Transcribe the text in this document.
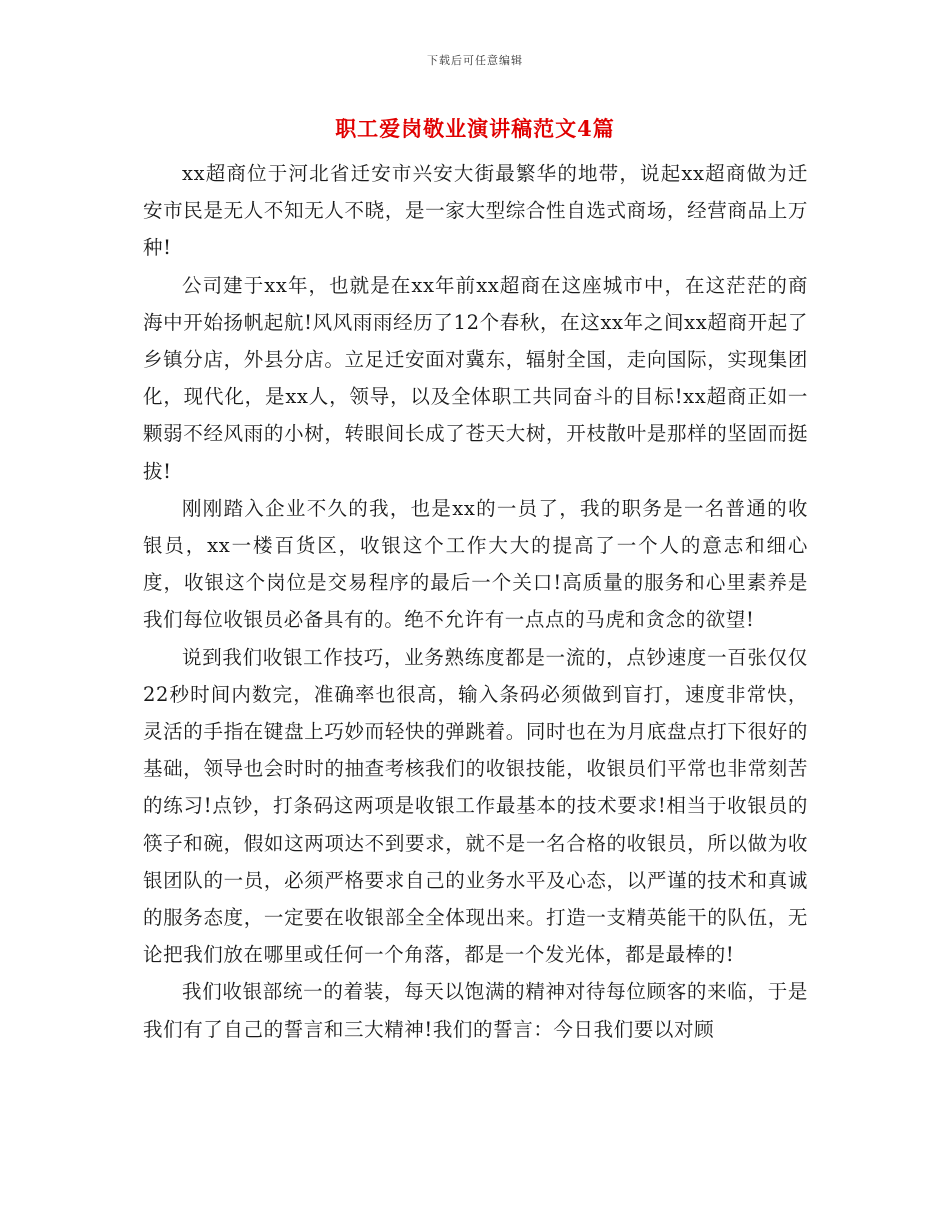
下载后可任意编辑
职工爱岗敬业演讲稿范文4篇

xx超商位于河北省迁安市兴安大街最繁华的地带，说起xx超商做为迁安市民是无人不知无人不晓，是一家大型综合性自选式商场，经营商品上万种!

公司建于xx年，也就是在xx年前xx超商在这座城市中，在这茫茫的商海中开始扬帆起航!风风雨雨经历了12个春秋，在这xx年之间xx超商开起了乡镇分店，外县分店。立足迁安面对冀东，辐射全国，走向国际，实现集团化，现代化，是xx人，领导，以及全体职工共同奋斗的目标!xx超商正如一颗弱不经风雨的小树，转眼间长成了苍天大树，开枝散叶是那样的坚固而挺拔!

刚刚踏入企业不久的我，也是xx的一员了，我的职务是一名普通的收银员，xx一楼百货区，收银这个工作大大的提高了一个人的意志和细心度，收银这个岗位是交易程序的最后一个关口!高质量的服务和心里素养是我们每位收银员必备具有的。绝不允许有一点点的马虎和贪念的欲望!

说到我们收银工作技巧，业务熟练度都是一流的，点钞速度一百张仅仅22秒时间内数完，准确率也很高，输入条码必须做到盲打，速度非常快，灵活的手指在键盘上巧妙而轻快的弹跳着。同时也在为月底盘点打下很好的基础，领导也会时时的抽查考核我们的收银技能，收银员们平常也非常刻苦的练习!点钞，打条码这两项是收银工作最基本的技术要求!相当于收银员的筷子和碗，假如这两项达不到要求，就不是一名合格的收银员，所以做为收银团队的一员，必须严格要求自己的业务水平及心态，以严谨的技术和真诚的服务态度，一定要在收银部全全体现出来。打造一支精英能干的队伍，无论把我们放在哪里或任何一个角落，都是一个发光体，都是最棒的!

我们收银部统一的着装，每天以饱满的精神对待每位顾客的来临，于是我们有了自己的誓言和三大精神!我们的誓言：今日我们要以对顾
